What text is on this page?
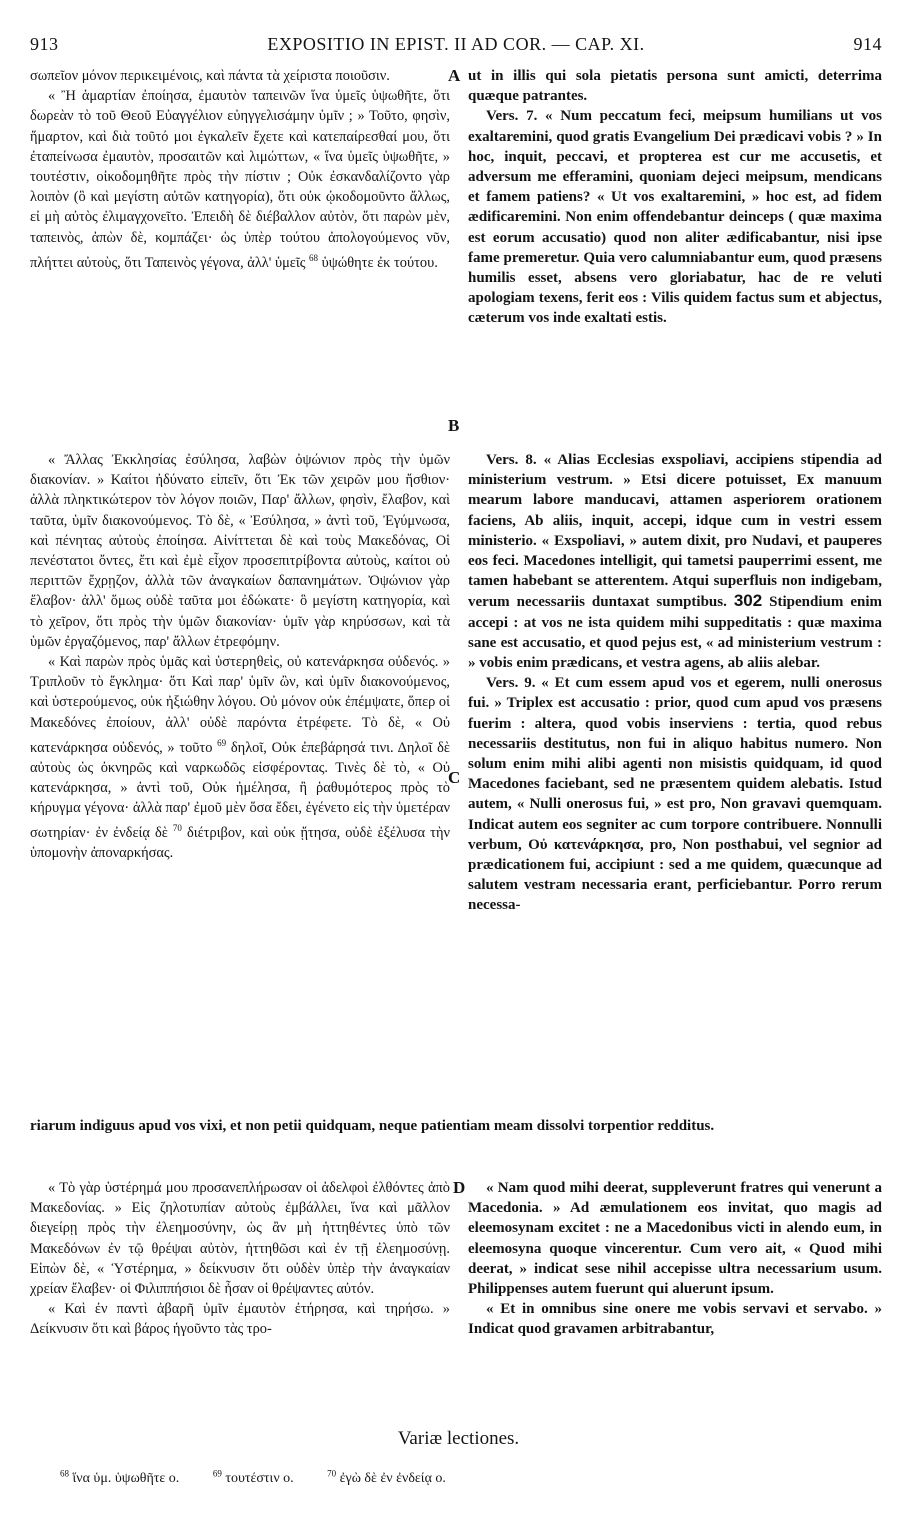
913	EXPOSITIO IN EPIST. II AD COR. — CAP. XI.	914
A
B
C
D

σωπεῖον μόνον περικειμένοις, καὶ πάντα τὰ χείριστα ποιοῦσιν.

« Ἢ ἁμαρτίαν ἐποίησα, ἐμαυτὸν ταπεινῶν ἵνα ὑμεῖς ὑψωθῆτε, ὅτι δωρεὰν τὸ τοῦ Θεοῦ Εὐαγγέλιον εὐηγγελισάμην ὑμῖν ; » Τοῦτο, φησὶν, ἥμαρτον, καὶ διὰ τοῦτό μοι ἐγκαλεῖν ἔχετε καὶ κατεπαίρεσθαί μου, ὅτι ἐταπείνωσα ἐμαυτὸν, προσαιτῶν καὶ λιμώττων, « ἵνα ὑμεῖς ὑψωθῆτε, » τουτέστιν, οἰκοδομηθῆτε πρὸς τὴν πίστιν ; Οὐκ ἐσκανδαλίζοντο γὰρ λοιπὸν (ὃ καὶ μεγίστη αὐτῶν κατηγορία), ὅτι οὐκ ᾠκοδομοῦντο ἄλλως, εἰ μὴ αὐτὸς ἐλιμαγχονεῖτο. Ἐπειδὴ δὲ διέβαλλον αὐτὸν, ὅτι παρὼν μὲν, ταπεινὸς, ἀπὼν δὲ, κομπάζει· ὡς ὑπὲρ τούτου ἀπολογούμενος νῦν, πλήττει αὐτοὺς, ὅτι Ταπεινὸς γέγονα, ἀλλ' ὑμεῖς $^{68}$ ὑψώθητε ἐκ τούτου.

ut in illis qui sola pietatis persona sunt amicti, deterrima quæque patrantes.

Vers. 7. « Num peccatum feci, meipsum humilians ut vos exaltaremini, quod gratis Evangelium Dei prædicavi vobis ? » In hoc, inquit, peccavi, et propterea est cur me accusetis, et adversum me efferamini, quoniam dejeci meipsum, mendicans et famem patiens? « Ut vos exaltaremini, » hoc est, ad fidem ædificaremini. Non enim offendebantur deinceps ( quæ maxima est eorum accusatio) quod non aliter ædificabantur, nisi ipse fame premeretur. Quia vero calumniabantur eum, quod præsens humilis esset, absens vero gloriabatur, hac de re veluti apologiam texens, ferit eos : Vilis quidem factus sum et abjectus, cæterum vos inde exaltati estis.

« Ἄλλας Ἐκκλησίας ἐσύλησα, λαβὼν ὀψώνιον πρὸς τὴν ὑμῶν διακονίαν. » Καίτοι ἠδύνατο εἰπεῖν, ὅτι Ἐκ τῶν χειρῶν μου ἤσθιον· ἀλλὰ πληκτικώτερον τὸν λόγον ποιῶν, Παρ' ἄλλων, φησὶν, ἔλαβον, καὶ ταῦτα, ὑμῖν διακονούμενος. Τὸ δὲ, « Ἐσύλησα, » ἀντὶ τοῦ, Ἐγύμνωσα, καὶ πένητας αὐτοὺς ἐποίησα. Αἰνίττεται δὲ καὶ τοὺς Μακεδόνας, Οἱ πενέστατοι ὄντες, ἔτι καὶ ἐμὲ εἶχον προσεπιτρίβοντα αὐτοὺς, καίτοι οὐ περιττῶν ἔχρῃζον, ἀλλὰ τῶν ἀναγκαίων δαπανημάτων. Ὀψώνιον γὰρ ἔλαβον· ἀλλ' ὅμως οὐδὲ ταῦτα μοι ἐδώκατε· ὃ μεγίστη κατηγορία, καὶ τὸ χεῖρον, ὅτι πρὸς τὴν ὑμῶν διακονίαν· ὑμῖν γὰρ κηρύσσων, καὶ τὰ ὑμῶν ἐργαζόμενος, παρ' ἄλλων ἐτρεφόμην.

« Καὶ παρὼν πρὸς ὑμᾶς καὶ ὑστερηθεὶς, οὐ κατενάρκησα οὐδενός. » Τριπλοῦν τὸ ἔγκλημα· ὅτι Καὶ παρ' ὑμῖν ὢν, καὶ ὑμῖν διακονούμενος, καὶ ὑστερούμενος, οὐκ ἠξιώθην λόγου. Οὐ μόνον οὐκ ἐπέμψατε, ὅπερ οἱ Μακεδόνες ἐποίουν, ἀλλ' οὐδὲ παρόντα ἐτρέφετε. Τὸ δὲ, « Οὐ κατενάρκησα οὐδενός, » τοῦτο $^{69}$ δηλοῖ, Οὐκ ἐπεβάρησά τινι. Δηλοῖ δὲ αὐτοὺς ὡς ὀκνηρῶς καὶ ναρκωδῶς εἰσφέροντας. Τινὲς δὲ τὸ, « Οὐ κατενάρκησα, » ἀντὶ τοῦ, Οὐκ ἠμέλησα, ἢ ῥαθυμότερος πρὸς τὸ κήρυγμα γέγονα· ἀλλὰ παρ' ἐμοῦ μὲν ὅσα ἔδει, ἐγένετο εἰς τὴν ὑμετέραν σωτηρίαν· ἐν ἐνδείᾳ δὲ $^{70}$ διέτριβον, καὶ οὐκ ᾔτησα, οὐδὲ ἐξέλυσα τὴν ὑπομονὴν ἀποναρκήσας.

Vers. 8. « Alias Ecclesias exspoliavi, accipiens stipendia ad ministerium vestrum. » Etsi dicere potuisset, Ex manuum mearum labore manducavi, attamen asperiorem orationem faciens, Ab aliis, inquit, accepi, idque cum in vestri essem ministerio. « Exspoliavi, » autem dixit, pro Nudavi, et pauperes eos feci. Macedones intelligit, qui tametsi pauperrimi essent, me tamen habebant se atterentem. Atqui superfluis non indigebam, verum necessariis duntaxat sumptibus. 302 Stipendium enim accepi : at vos ne ista quidem mihi suppeditatis : quæ maxima sane est accusatio, et quod pejus est, « ad ministerium vestrum : » vobis enim prædicans, et vestra agens, ab aliis alebar.

Vers. 9. « Et cum essem apud vos et egerem, nulli onerosus fui. » Triplex est accusatio : prior, quod cum apud vos præsens fuerim : altera, quod vobis inserviens : tertia, quod rebus necessariis destitutus, non fui in aliquo habitus numero. Non solum enim mihi alibi agenti non misistis quidquam, id quod Macedones faciebant, sed ne præsentem quidem alebatis. Istud autem, « Nulli onerosus fui, » est pro, Non gravavi quemquam. Indicat autem eos segniter ac cum torpore contribuere. Nonnulli verbum, Οὐ κατενάρκησα, pro, Non posthabui, vel segnior ad prædicationem fui, accipiunt : sed a me quidem, quæcunque ad salutem vestram necessaria erant, perficiebantur. Porro rerum necessa-

riarum indiguus apud vos vixi, et non petii quidquam, neque patientiam meam dissolvi torpentior redditus.

« Τὸ γὰρ ὑστέρημά μου προσανεπλήρωσαν οἱ ἀδελφοὶ ἐλθόντες ἀπὸ Μακεδονίας. » Εἰς ζηλοτυπίαν αὐτοὺς ἐμβάλλει, ἵνα καὶ μᾶλλον διεγείρῃ πρὸς τὴν ἐλεημοσύνην, ὡς ἂν μὴ ἡττηθέντες ὑπὸ τῶν Μακεδόνων ἐν τῷ θρέψαι αὐτὸν, ἡττηθῶσι καὶ ἐν τῇ ἐλεημοσύνῃ. Εἰπὼν δὲ, « Ὑστέρημα, » δείκνυσιν ὅτι οὐδὲν ὑπὲρ τὴν ἀναγκαίαν χρείαν ἔλαβεν· οἱ Φιλιππήσιοι δὲ ἦσαν οἱ θρέψαντες αὐτόν.

« Καὶ ἐν παντὶ ἀβαρῆ ὑμῖν ἐμαυτὸν ἐτήρησα, καὶ τηρήσω. » Δείκνυσιν ὅτι καὶ βάρος ἡγοῦντο τὰς τρο-

« Nam quod mihi deerat, suppleverunt fratres qui venerunt a Macedonia. » Ad æmulationem eos invitat, quo magis ad eleemosynam excitet : ne a Macedonibus victi in alendo eum, in eleemosyna quoque vincerentur. Cum vero ait, « Quod mihi deerat, » indicat sese nihil accepisse ultra necessarium usum. Philippenses autem fuerunt qui aluerunt ipsum.

« Et in omnibus sine onere me vobis servavi et servabo. » Indicat quod gravamen arbitrabantur,

Variæ lectiones.
$^{68}$ ἵνα ὑμ. ὑψωθῆτε ο.	$^{69}$ τουτέστιν ο.	$^{70}$ ἐγὼ δὲ ἐν ἐνδείᾳ ο.
